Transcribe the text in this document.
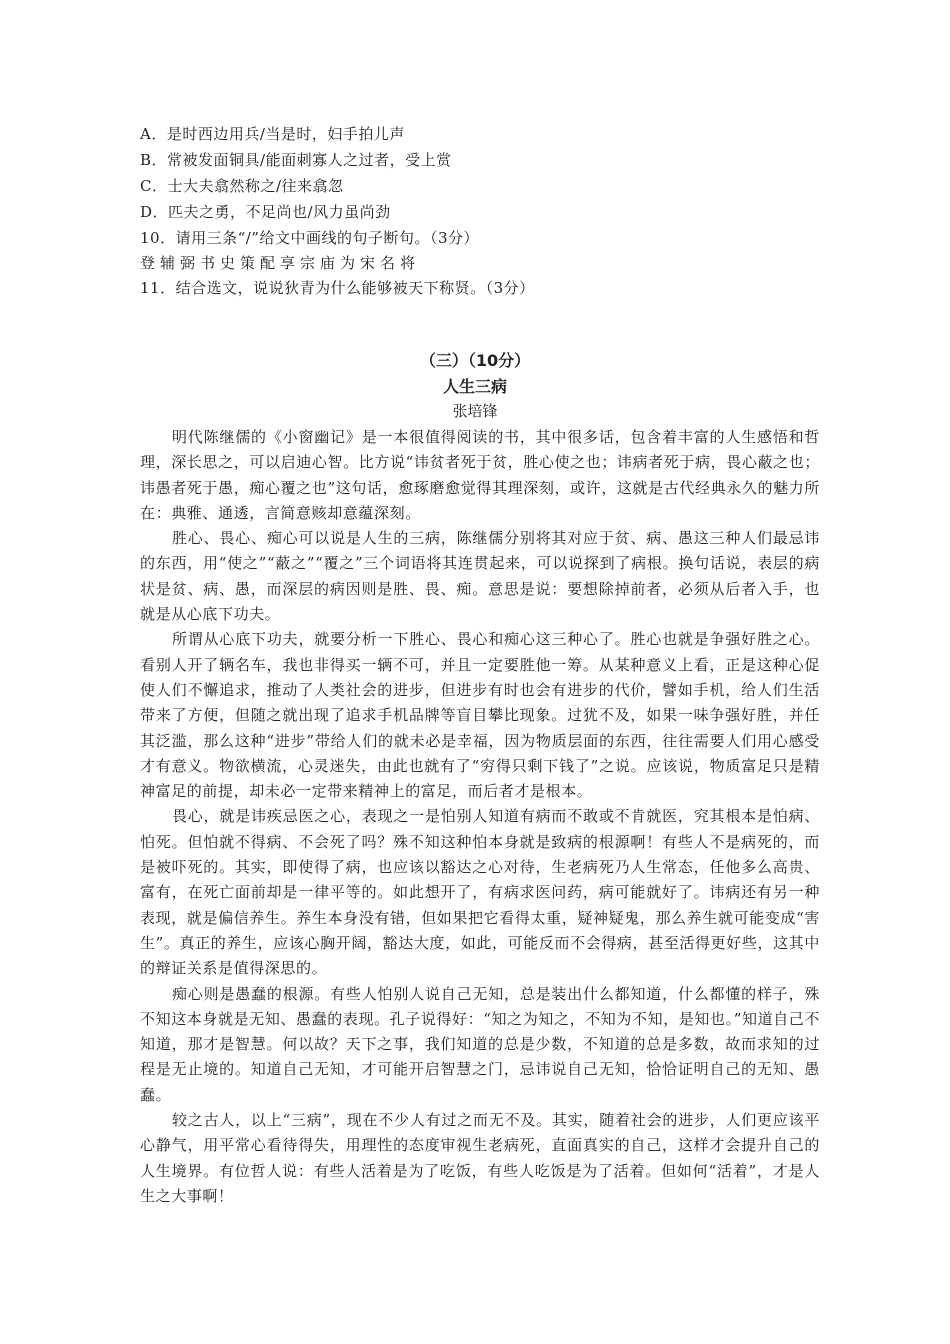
A．是时西边用兵/当是时，妇手拍儿声
B．常被发面铜具/能面刺寡人之过者，受上赏
C．士大夫翕然称之/往来翕忽
D．匹夫之勇，不足尚也/风力虽尚劲
10．请用三条“/”给文中画线的句子断句。（3分）
登辅弼书史策配享宗庙为宋名将
11．结合选文，说说狄青为什么能够被天下称贤。（3分）
（三）（10分）
人生三病
张培锋

明代陈继儒的《小窗幽记》是一本很值得阅读的书，其中很多话，包含着丰富的人生感悟和哲理，深长思之，可以启迪心智。比方说“讳贫者死于贫，胜心使之也；讳病者死于病，畏心蔽之也；讳愚者死于愚，痴心覆之也”这句话，愈琢磨愈觉得其理深刻，或许，这就是古代经典永久的魅力所在：典雅、通透，言简意赅却意蕴深刻。

胜心、畏心、痴心可以说是人生的三病，陈继儒分别将其对应于贫、病、愚这三种人们最忌讳的东西，用“使之”“蔽之”“覆之”三个词语将其连贯起来，可以说探到了病根。换句话说，表层的病状是贫、病、愚，而深层的病因则是胜、畏、痴。意思是说：要想除掉前者，必须从后者入手，也就是从心底下功夫。

所谓从心底下功夫，就要分析一下胜心、畏心和痴心这三种心了。胜心也就是争强好胜之心。看别人开了辆名车，我也非得买一辆不可，并且一定要胜他一筹。从某种意义上看，正是这种心促使人们不懈追求，推动了人类社会的进步，但进步有时也会有进步的代价，譬如手机，给人们生活带来了方便，但随之就出现了追求手机品牌等盲目攀比现象。过犹不及，如果一味争强好胜，并任其泛滥，那么这种“进步”带给人们的就未必是幸福，因为物质层面的东西，往往需要人们用心感受才有意义。物欲横流，心灵迷失，由此也就有了“穷得只剩下钱了”之说。应该说，物质富足只是精神富足的前提，却未必一定带来精神上的富足，而后者才是根本。

畏心，就是讳疾忌医之心，表现之一是怕别人知道有病而不敢或不肯就医，究其根本是怕病、怕死。但怕就不得病、不会死了吗？殊不知这种怕本身就是致病的根源啊！有些人不是病死的，而是被吓死的。其实，即使得了病，也应该以豁达之心对待，生老病死乃人生常态，任他多么高贵、富有，在死亡面前却是一律平等的。如此想开了，有病求医问药，病可能就好了。讳病还有另一种表现，就是偏信养生。养生本身没有错，但如果把它看得太重，疑神疑鬼，那么养生就可能变成“害生”。真正的养生，应该心胸开阔，豁达大度，如此，可能反而不会得病，甚至活得更好些，这其中的辩证关系是值得深思的。

痴心则是愚蠢的根源。有些人怕别人说自己无知，总是装出什么都知道，什么都懂的样子，殊不知这本身就是无知、愚蠢的表现。孔子说得好：“知之为知之，不知为不知，是知也。”知道自己不知道，那才是智慧。何以故？天下之事，我们知道的总是少数，不知道的总是多数，故而求知的过程是无止境的。知道自己无知，才可能开启智慧之门，忌讳说自己无知，恰恰证明自己的无知、愚蠢。

较之古人，以上“三病”，现在不少人有过之而无不及。其实，随着社会的进步，人们更应该平心静气，用平常心看待得失，用理性的态度审视生老病死，直面真实的自己，这样才会提升自己的人生境界。有位哲人说：有些人活着是为了吃饭，有些人吃饭是为了活着。但如何“活着”，才是人生之大事啊！
